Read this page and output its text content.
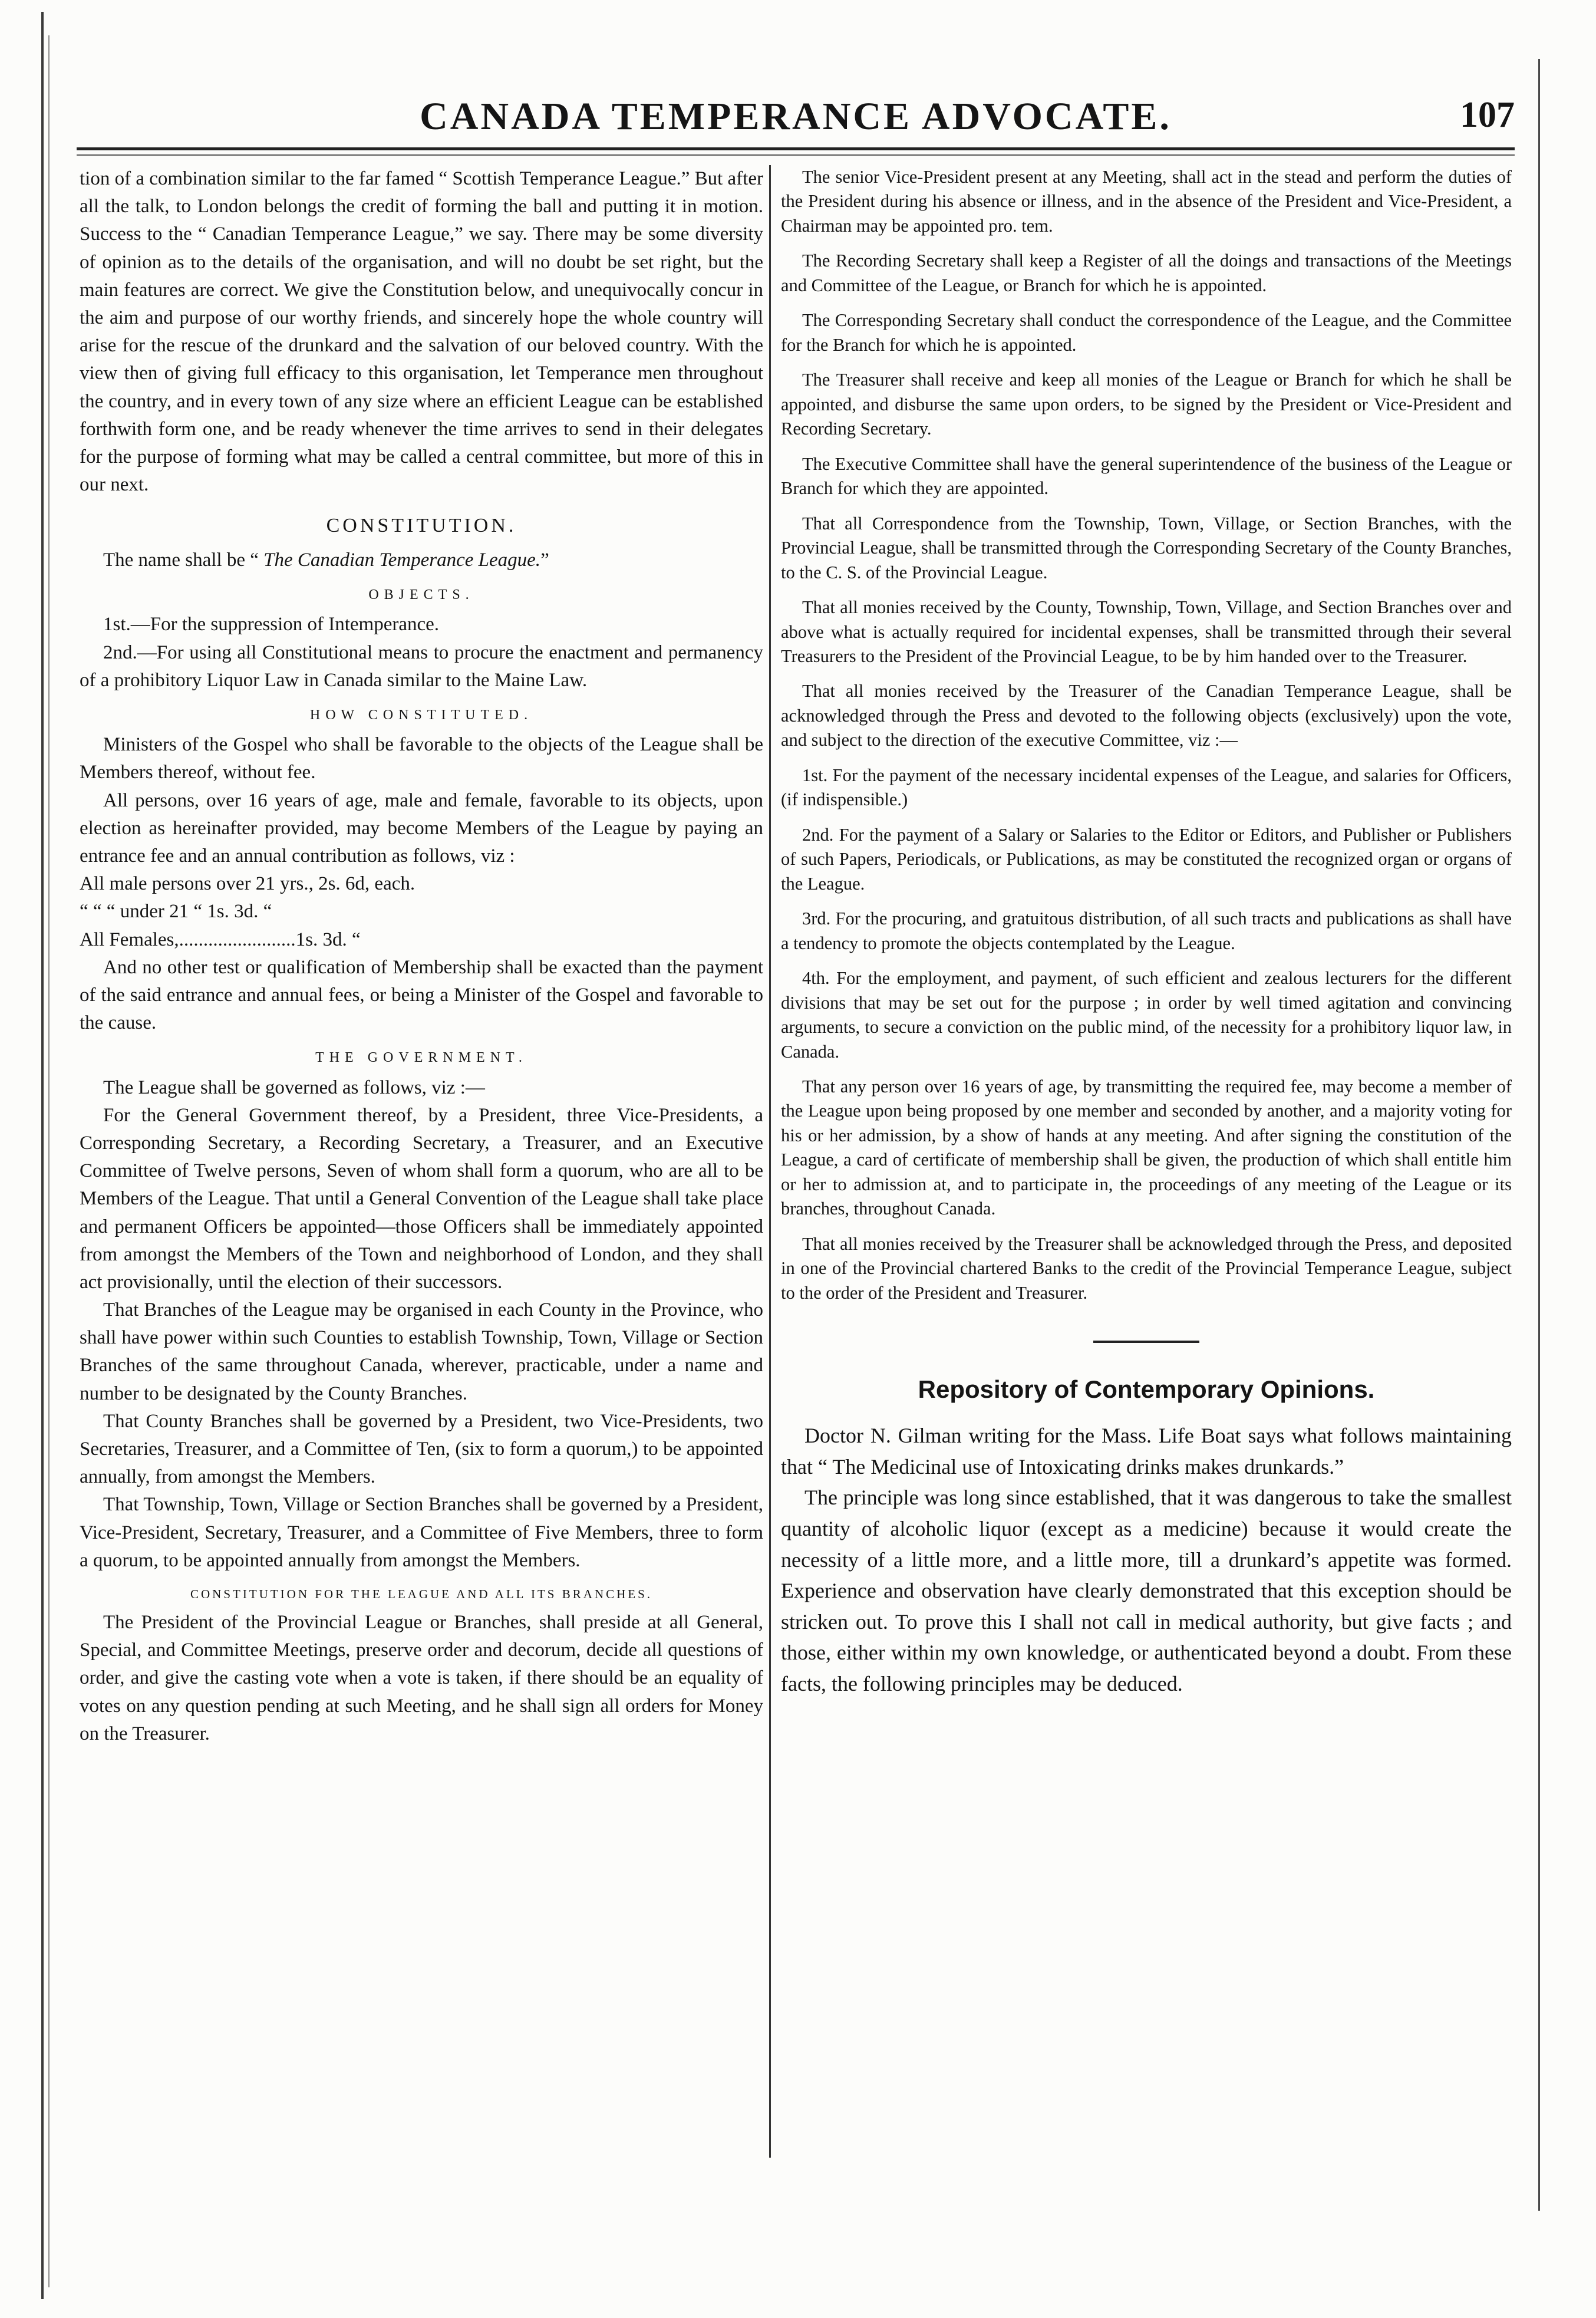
CANADA TEMPERANCE ADVOCATE.	107

tion of a combination similar to the far famed “ Scottish Temperance League.” But after all the talk, to London belongs the credit of forming the ball and putting it in motion. Success to the “ Canadian Temperance League,” we say. There may be some diversity of opinion as to the details of the organisation, and will no doubt be set right, but the main features are correct. We give the Constitution below, and unequivocally concur in the aim and purpose of our worthy friends, and sincerely hope the whole country will arise for the rescue of the drunkard and the salvation of our beloved country. With the view then of giving full efficacy to this organisation, let Temperance men throughout the country, and in every town of any size where an efficient League can be established forthwith form one, and be ready whenever the time arrives to send in their delegates for the purpose of forming what may be called a central committee, but more of this in our next.

CONSTITUTION.

The name shall be “ The Canadian Temperance League.”

OBJECTS.

1st.—For the suppression of Intemperance.

2nd.—For using all Constitutional means to procure the enactment and permanency of a prohibitory Liquor Law in Canada similar to the Maine Law.

HOW CONSTITUTED.

Ministers of the Gospel who shall be favorable to the objects of the League shall be Members thereof, without fee.

All persons, over 16 years of age, male and female, favorable to its objects, upon election as hereinafter provided, may become Members of the League by paying an entrance fee and an annual contribution as follows, viz :

All male persons over 21 yrs., 2s. 6d, each.
“ “ “ under 21 “ 1s. 3d. “
All Females,........................1s. 3d. “

And no other test or qualification of Membership shall be exacted than the payment of the said entrance and annual fees, or being a Minister of the Gospel and favorable to the cause.

THE GOVERNMENT.

The League shall be governed as follows, viz :—

For the General Government thereof, by a President, three Vice-Presidents, a Corresponding Secretary, a Recording Secretary, a Treasurer, and an Executive Committee of Twelve persons, Seven of whom shall form a quorum, who are all to be Members of the League. That until a General Convention of the League shall take place and permanent Officers be appointed—those Officers shall be immediately appointed from amongst the Members of the Town and neighborhood of London, and they shall act provisionally, until the election of their successors.

That Branches of the League may be organised in each County in the Province, who shall have power within such Counties to establish Township, Town, Village or Section Branches of the same throughout Canada, wherever, practicable, under a name and number to be designated by the County Branches.

That County Branches shall be governed by a President, two Vice-Presidents, two Secretaries, Treasurer, and a Committee of Ten, (six to form a quorum,) to be appointed annually, from amongst the Members.

That Township, Town, Village or Section Branches shall be governed by a President, Vice-President, Secretary, Treasurer, and a Committee of Five Members, three to form a quorum, to be appointed annually from amongst the Members.

CONSTITUTION FOR THE LEAGUE AND ALL ITS BRANCHES.

The President of the Provincial League or Branches, shall preside at all General, Special, and Committee Meetings, preserve order and decorum, decide all questions of order, and give the casting vote when a vote is taken, if there should be an equality of votes on any question pending at such Meeting, and he shall sign all orders for Money on the Treasurer.

The senior Vice-President present at any Meeting, shall act in the stead and perform the duties of the President during his absence or illness, and in the absence of the President and Vice-President, a Chairman may be appointed pro. tem.

The Recording Secretary shall keep a Register of all the doings and transactions of the Meetings and Committee of the League, or Branch for which he is appointed.

The Corresponding Secretary shall conduct the correspondence of the League, and the Committee for the Branch for which he is appointed.

The Treasurer shall receive and keep all monies of the League or Branch for which he shall be appointed, and disburse the same upon orders, to be signed by the President or Vice-President and Recording Secretary.

The Executive Committee shall have the general superintendence of the business of the League or Branch for which they are appointed.

That all Correspondence from the Township, Town, Village, or Section Branches, with the Provincial League, shall be transmitted through the Corresponding Secretary of the County Branches, to the C. S. of the Provincial League.

That all monies received by the County, Township, Town, Village, and Section Branches over and above what is actually required for incidental expenses, shall be transmitted through their several Treasurers to the President of the Provincial League, to be by him handed over to the Treasurer.

That all monies received by the Treasurer of the Canadian Temperance League, shall be acknowledged through the Press and devoted to the following objects (exclusively) upon the vote, and subject to the direction of the executive Committee, viz :—

1st. For the payment of the necessary incidental expenses of the League, and salaries for Officers, (if indispensible.)

2nd. For the payment of a Salary or Salaries to the Editor or Editors, and Publisher or Publishers of such Papers, Periodicals, or Publications, as may be constituted the recognized organ or organs of the League.

3rd. For the procuring, and gratuitous distribution, of all such tracts and publications as shall have a tendency to promote the objects contemplated by the League.

4th. For the employment, and payment, of such efficient and zealous lecturers for the different divisions that may be set out for the purpose ; in order by well timed agitation and convincing arguments, to secure a conviction on the public mind, of the necessity for a prohibitory liquor law, in Canada.

That any person over 16 years of age, by transmitting the required fee, may become a member of the League upon being proposed by one member and seconded by another, and a majority voting for his or her admission, by a show of hands at any meeting. And after signing the constitution of the League, a card of certificate of membership shall be given, the production of which shall entitle him or her to admission at, and to participate in, the proceedings of any meeting of the League or its branches, throughout Canada.

That all monies received by the Treasurer shall be acknowledged through the Press, and deposited in one of the Provincial chartered Banks to the credit of the Provincial Temperance League, subject to the order of the President and Treasurer.

Repository of Contemporary Opinions.

Doctor N. Gilman writing for the Mass. Life Boat says what follows maintaining that “ The Medicinal use of Intoxicating drinks makes drunkards.”

The principle was long since established, that it was dangerous to take the smallest quantity of alcoholic liquor (except as a medicine) because it would create the necessity of a little more, and a little more, till a drunkard’s appetite was formed. Experience and observation have clearly demonstrated that this exception should be stricken out. To prove this I shall not call in medical authority, but give facts ; and those, either within my own knowledge, or authenticated beyond a doubt. From these facts, the following principles may be deduced.
